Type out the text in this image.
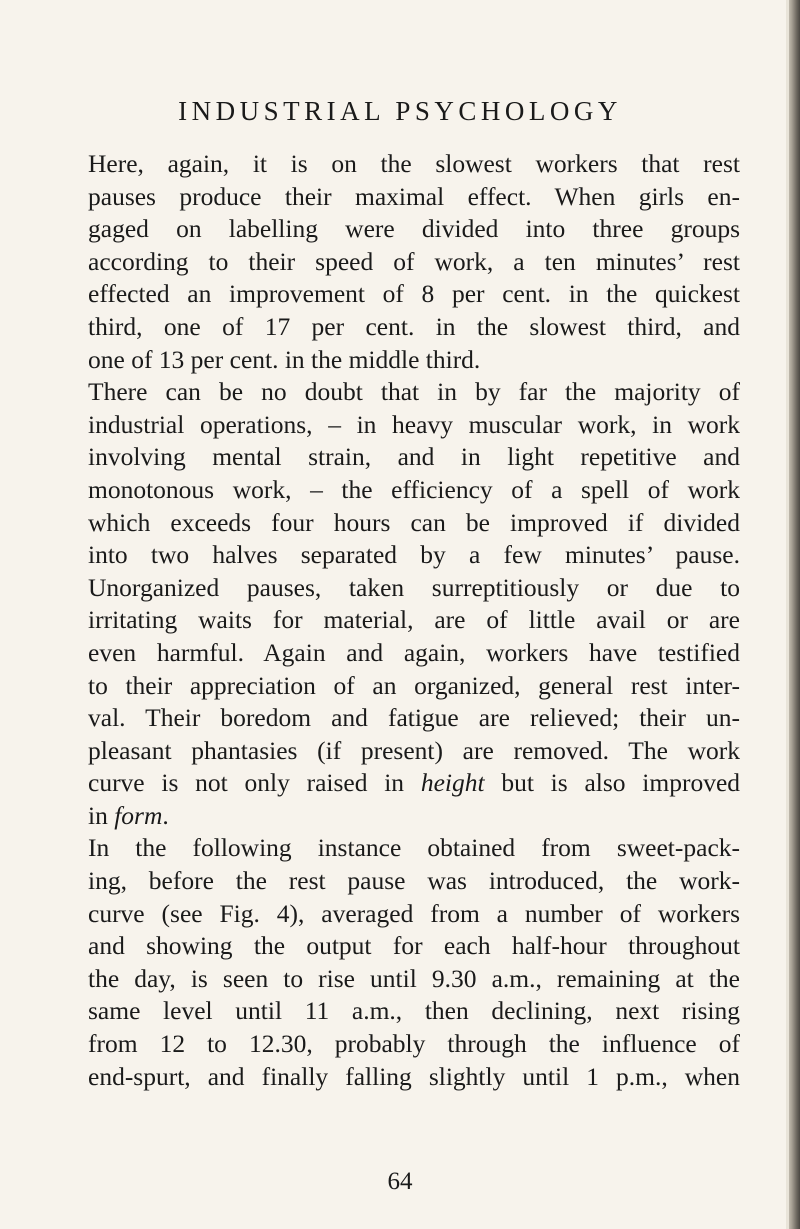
INDUSTRIAL PSYCHOLOGY
Here, again, it is on the slowest workers that rest
pauses produce their maximal effect. When girls en-
gaged on labelling were divided into three groups
according to their speed of work, a ten minutes’ rest
effected an improvement of 8 per cent. in the quickest
third, one of 17 per cent. in the slowest third, and
one of 13 per cent. in the middle third.
There can be no doubt that in by far the majority of
industrial operations, – in heavy muscular work, in work
involving mental strain, and in light repetitive and
monotonous work, – the efficiency of a spell of work
which exceeds four hours can be improved if divided
into two halves separated by a few minutes’ pause.
Unorganized pauses, taken surreptitiously or due to
irritating waits for material, are of little avail or are
even harmful. Again and again, workers have testified
to their appreciation of an organized, general rest inter-
val. Their boredom and fatigue are relieved; their un-
pleasant phantasies (if present) are removed. The work
curve is not only raised in height but is also improved
in form.
In the following instance obtained from sweet-pack-
ing, before the rest pause was introduced, the work-
curve (see Fig. 4), averaged from a number of workers
and showing the output for each half-hour throughout
the day, is seen to rise until 9.30 a.m., remaining at the
same level until 11 a.m., then declining, next rising
from 12 to 12.30, probably through the influence of
end-spurt, and finally falling slightly until 1 p.m., when

64
